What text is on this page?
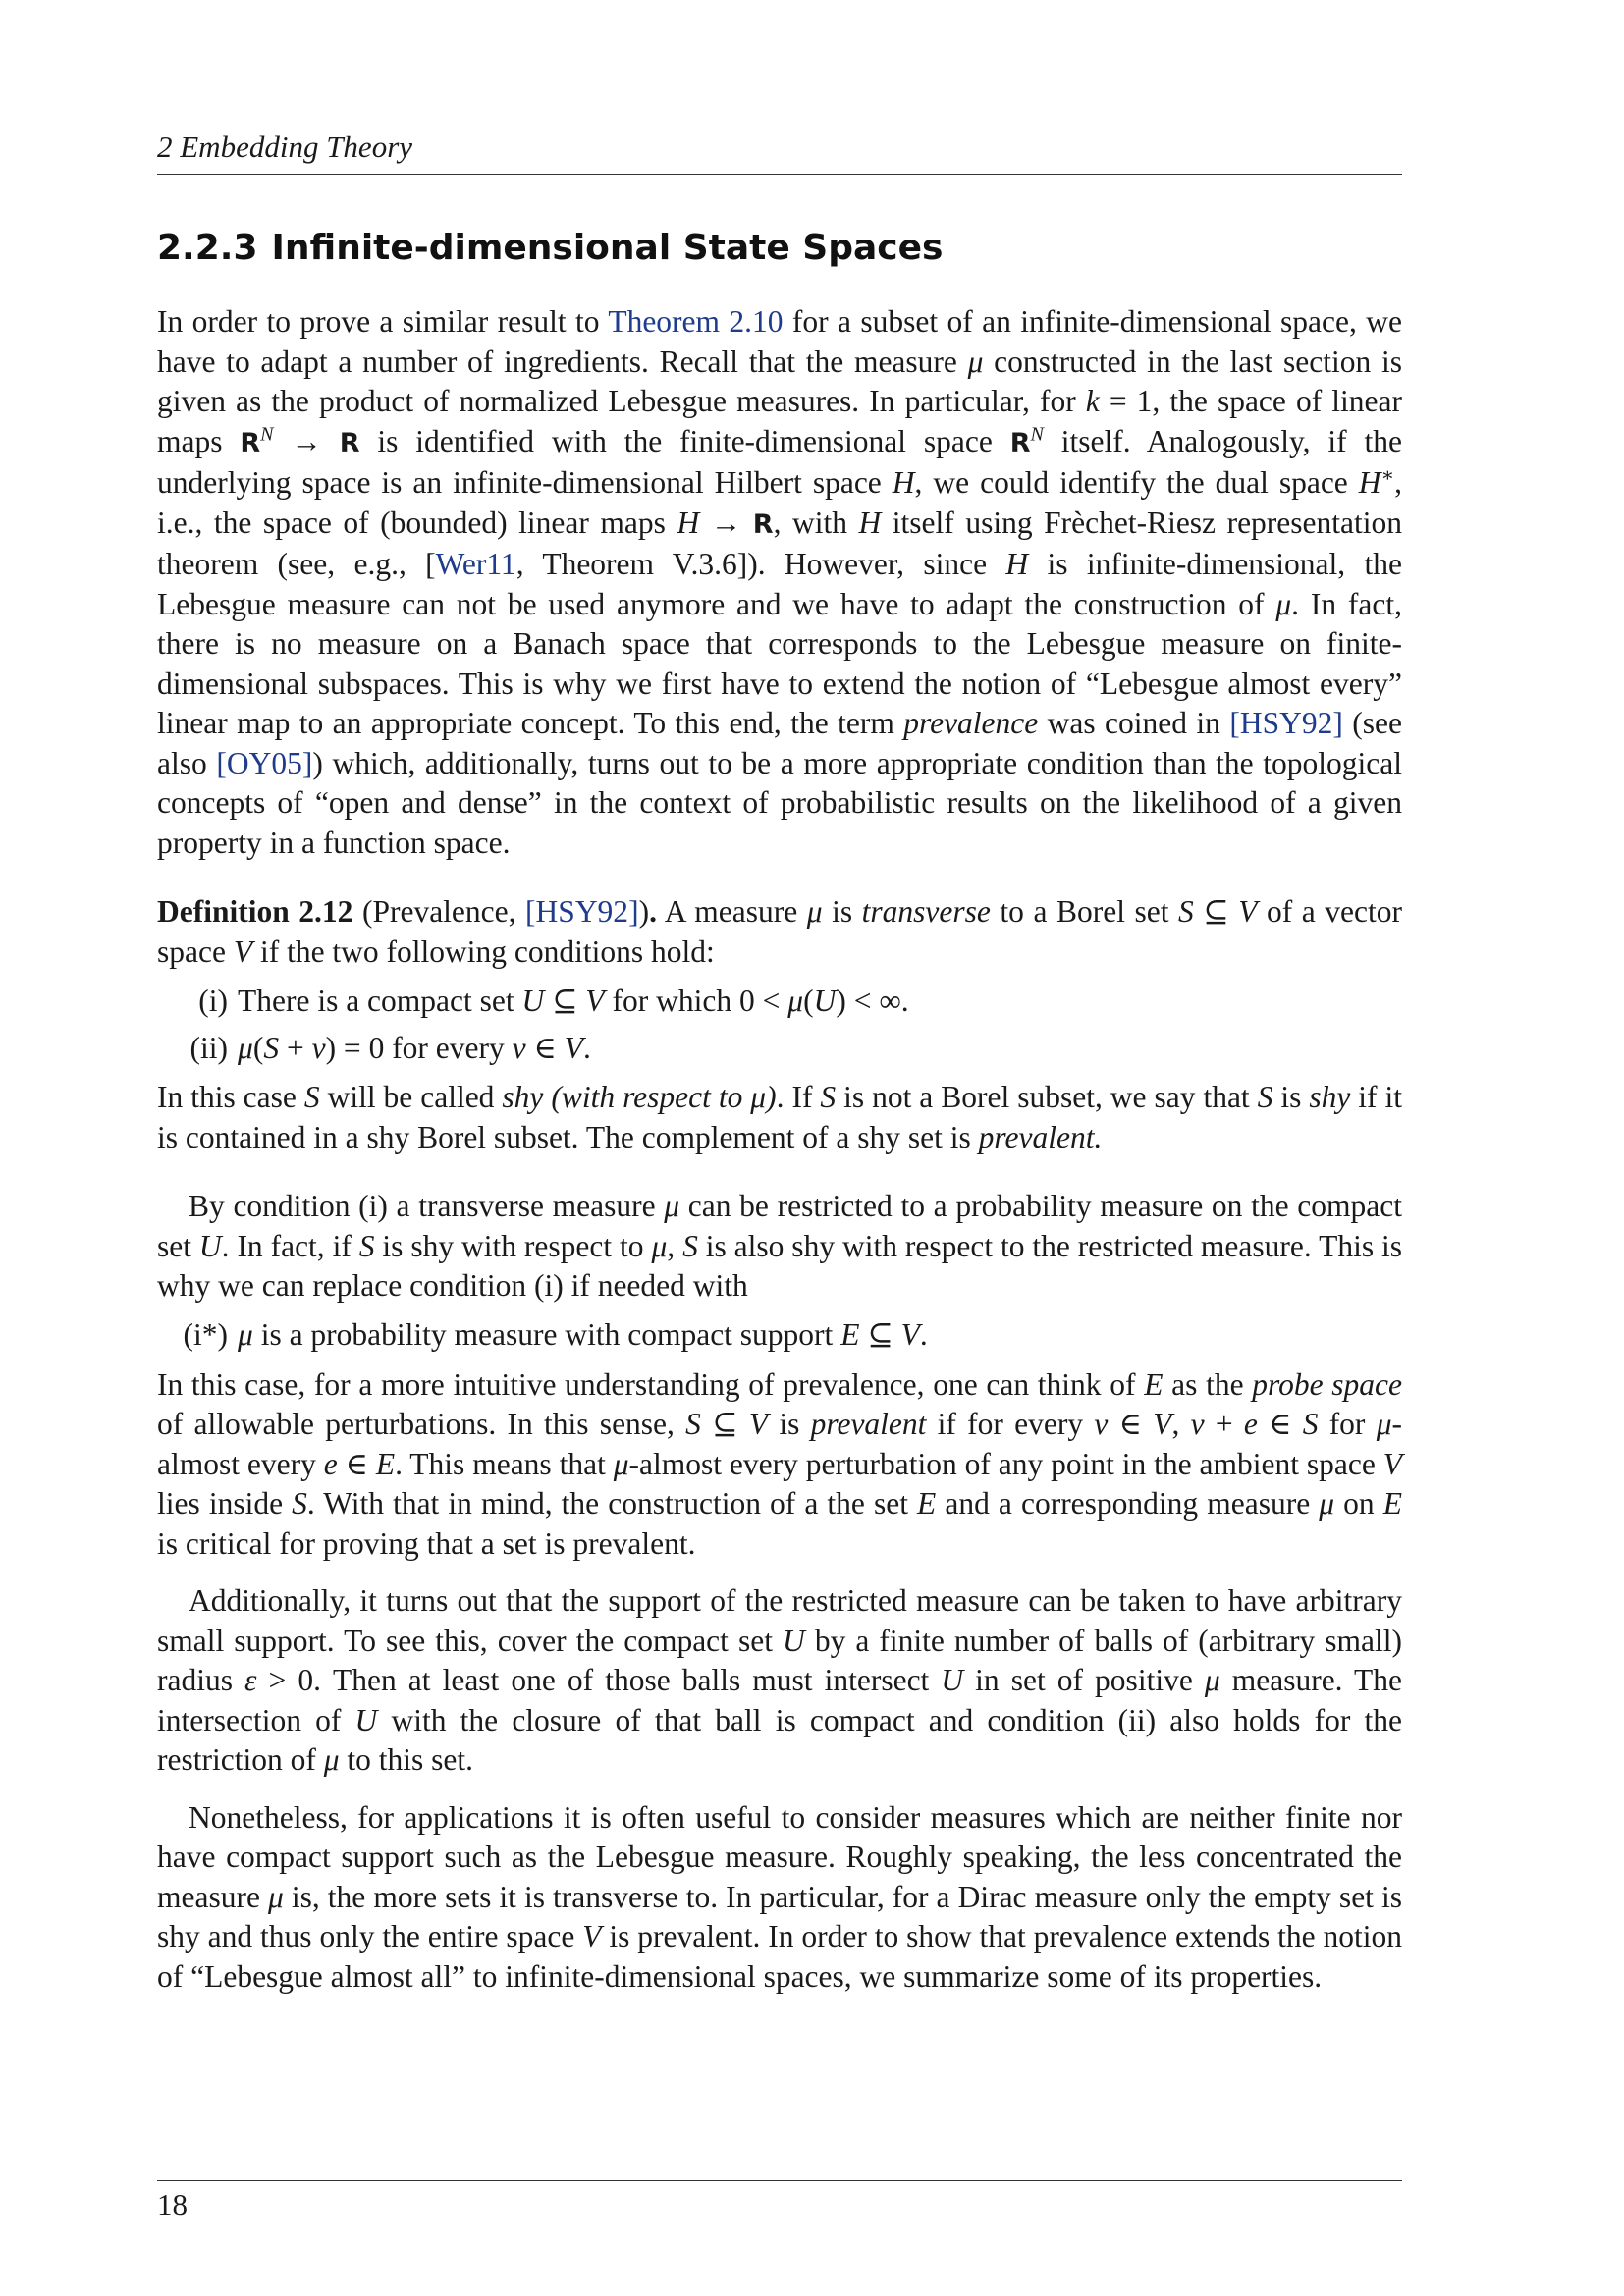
2 Embedding Theory
2.2.3 Infinite-dimensional State Spaces

In order to prove a similar result to Theorem 2.10 for a subset of an infinite-dimensional space, we have to adapt a number of ingredients. Recall that the measure μ constructed in the last section is given as the product of normalized Lebesgue measures. In particular, for k = 1, the space of linear maps $R^N \to R$ is identified with the finite-dimensional space $R^N$ itself. Analogously, if the underlying space is an infinite-dimensional Hilbert space H, we could identify the dual space H∗, i.e., the space of (bounded) linear maps H → R, with H itself using Frèchet-Riesz representation theorem (see, e.g., [Wer11, Theorem V.3.6]). However, since H is infinite-dimensional, the Lebesgue measure can not be used anymore and we have to adapt the construction of μ. In fact, there is no measure on a Banach space that corresponds to the Lebesgue measure on finite-dimensional subspaces. This is why we first have to extend the notion of “Lebesgue almost every” linear map to an appropriate concept. To this end, the term prevalence was coined in [HSY92] (see also [OY05]) which, additionally, turns out to be a more appropriate condition than the topological concepts of “open and dense” in the context of probabilistic results on the likelihood of a given property in a function space.

Definition 2.12 (Prevalence, [HSY92]). A measure μ is transverse to a Borel set S ⊆ V of a vector space V if the two following conditions hold:

(i) There is a compact set U ⊆ V for which 0 < μ(U) < ∞.
(ii) μ(S + v) = 0 for every v ∈ V.

In this case S will be called shy (with respect to μ). If S is not a Borel subset, we say that S is shy if it is contained in a shy Borel subset. The complement of a shy set is prevalent.

By condition (i) a transverse measure μ can be restricted to a probability measure on the compact set U. In fact, if S is shy with respect to μ, S is also shy with respect to the restricted measure. This is why we can replace condition (i) if needed with

(i*) μ is a probability measure with compact support E ⊆ V.

In this case, for a more intuitive understanding of prevalence, one can think of E as the probe space of allowable perturbations. In this sense, S ⊆ V is prevalent if for every v ∈ V, v + e ∈ S for μ-almost every e ∈ E. This means that μ-almost every perturbation of any point in the ambient space V lies inside S. With that in mind, the construction of a the set E and a corresponding measure μ on E is critical for proving that a set is prevalent.

Additionally, it turns out that the support of the restricted measure can be taken to have arbitrary small support. To see this, cover the compact set U by a finite number of balls of (arbitrary small) radius ε > 0. Then at least one of those balls must intersect U in set of positive μ measure. The intersection of U with the closure of that ball is compact and condition (ii) also holds for the restriction of μ to this set.

Nonetheless, for applications it is often useful to consider measures which are neither finite nor have compact support such as the Lebesgue measure. Roughly speaking, the less concentrated the measure μ is, the more sets it is transverse to. In particular, for a Dirac measure only the empty set is shy and thus only the entire space V is prevalent. In order to show that prevalence extends the notion of “Lebesgue almost all” to infinite-dimensional spaces, we summarize some of its properties.

18
